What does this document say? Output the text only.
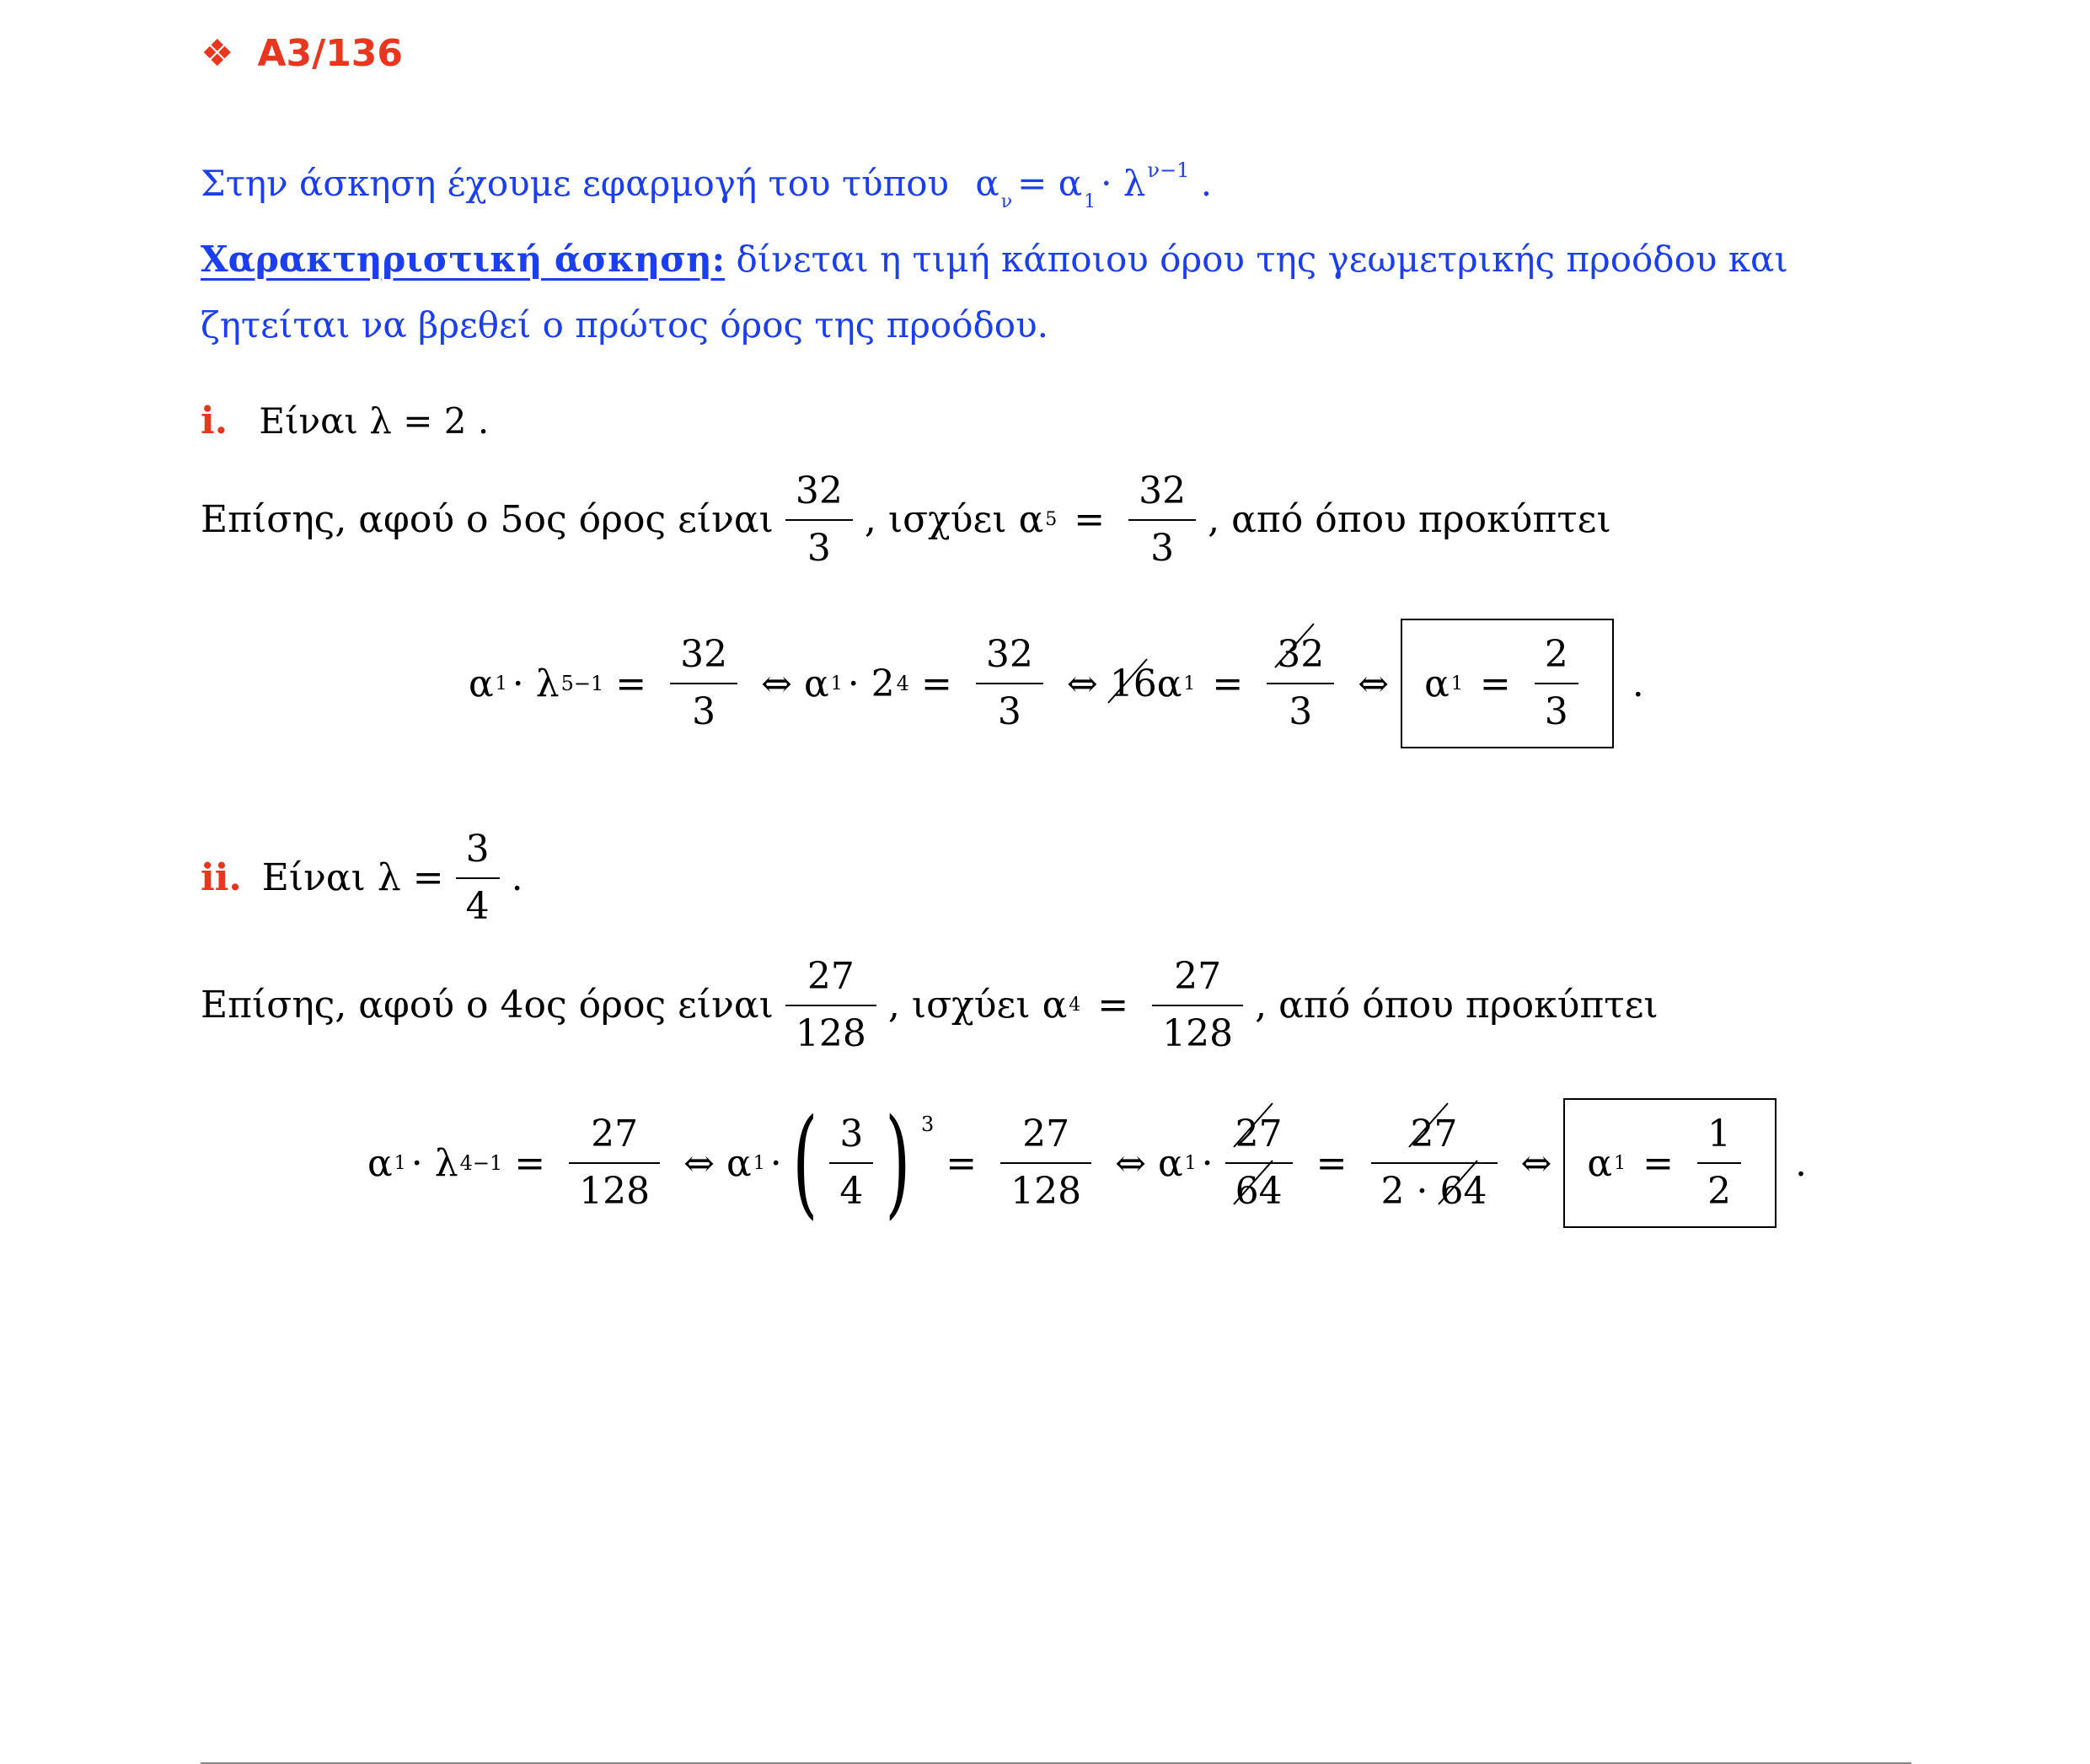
❖ A3/136
Στην άσκηση έχουμε εφαρμογή του τύπου $\alpha_\nu = \alpha_1 \cdot \lambda^{\nu-1}$ .
Χαρακτηριστική άσκηση: δίνεται η τιμή κάποιου όρου της γεωμετρικής προόδου και
ζητείται να βρεθεί ο πρώτος όρος της προόδου.
i. Είναι λ = 2 .
Επίσης, αφού ο 5ος όρος είναι $\frac{32}{3}$ , ισχύει α $5 = \frac{32}{3}$ , από όπου προκύπτει
α 1 · λ $5-1 = \frac{32}{3}$ ⇔ α 1 · 2 $4 = \frac{32}{3}$ ⇔ 16 α $1 = \frac{32}{3}$ ⇔ α $1 = \frac{2}{3}$ .
ii. Είναι $\lambda = \frac{3}{4}$ .
Επίσης, αφού ο 4ος όρος είναι $\frac{27}{128}$ , ισχύει α $4 = \frac{27}{128}$ , από όπου προκύπτει
α 1 · λ $4-1 = \frac{27}{128}$ ⇔ α 1 · ( $\frac{3}{4}$ ) 3
= $\frac{27}{128}$ ⇔ α $1 \cdot \frac{27}{64} = \frac{27}{2 \cdot 64}$ ⇔ α $1 = \frac{1}{2}$ .
